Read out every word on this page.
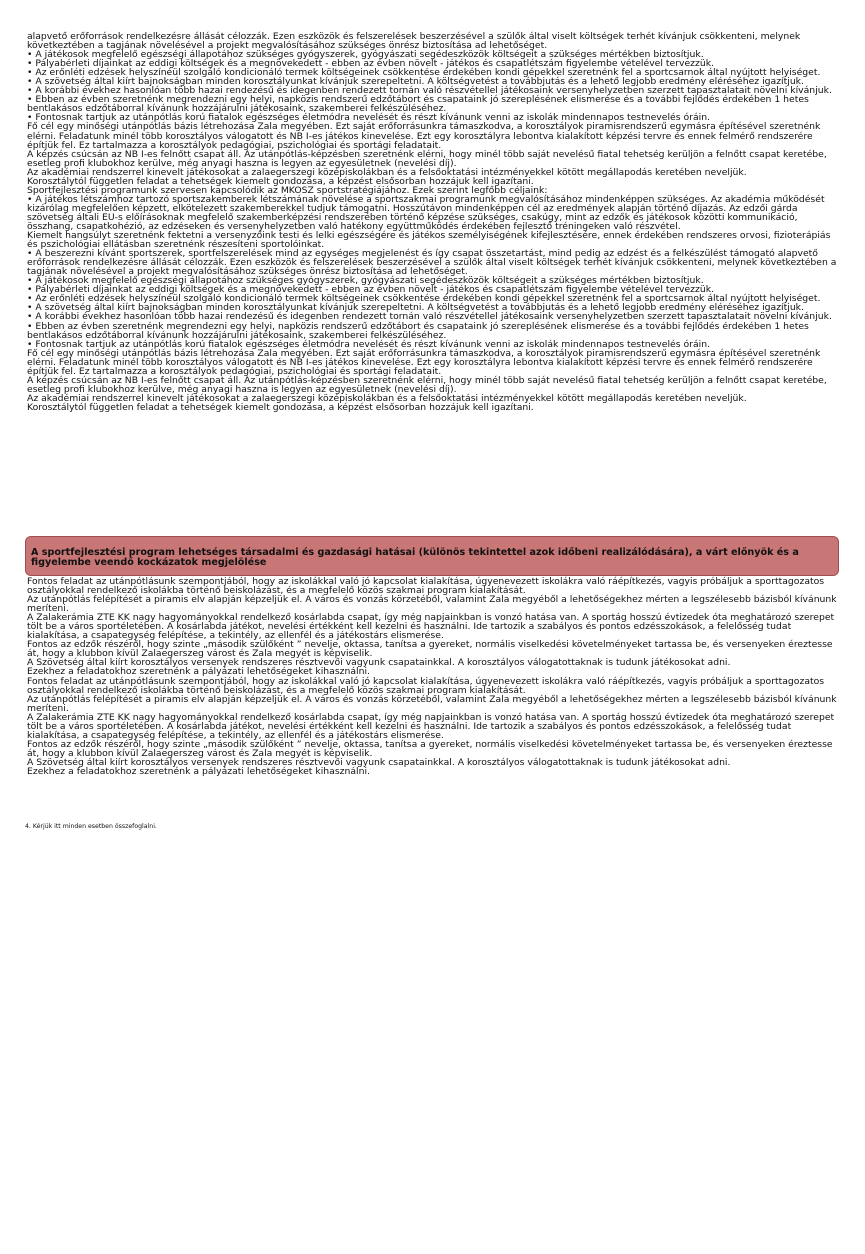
alapvető erőforrások rendelkezésre állását célozzák. Ezen eszközök és felszerelések beszerzésével a szülők által viselt költségek terhét kívánjuk csökkenteni, melynek következtében a tagjának növelésével a projekt megvalósításához szükséges önrész biztosítása ad lehetőséget.

• A játékosok megfelelő egészségi állapotához szükséges gyógyszerek, gyógyászati segédeszközök költségeit a szükséges mértékben biztosítjuk.

• Pályabérleti díjainkat az eddigi költségek és a megnövekedett - ebben az évben növelt - játékos és csapatlétszám figyelembe vételével tervezzük.

• Az erőnléti edzések helyszínéül szolgáló kondicionáló termek költségeinek csökkentése érdekében kondi gépekkel szeretnénk fel a sportcsarnok által nyújtott helyiséget.

• A szövetség által kiírt bajnokságban minden korosztályunkat kívánjuk szerepeltetni. A költségvetést a továbbjutás és a lehető legjobb eredmény eléréséhez igazítjuk.

• A korábbi évekhez hasonlóan több hazai rendezésű és idegenben rendezett tornán való részvétellel játékosaink versenyhelyzetben szerzett tapasztalatait növelni kívánjuk.

• Ebben az évben szeretnénk megrendezni egy helyi, napközis rendszerű edzőtábort és csapataink jó szereplésének elismerése és a további fejlődés érdekében 1 hetes bentlakásos edzőtáborral kívánunk hozzájárulni játékosaink, szakemberei felkészüléséhez.

• Fontosnak tartjuk az utánpótlás korú fiatalok egészséges életmódra nevelését és részt kívánunk venni az iskolák mindennapos testnevelés óráin.

Fő cél egy minőségi utánpótlás bázis létrehozása Zala megyében. Ezt saját erőforrásunkra támaszkodva, a korosztályok piramisrendszerű egymásra építésével szeretnénk elérni. Feladatunk minél több korosztályos válogatott és NB I-es játékos kinevelése. Ezt egy korosztályra lebontva kialakított képzési tervre és ennek felmérő rendszerére építjük fel. Ez tartalmazza a korosztályok pedagógiai, pszichológiai és sportági feladatait.

A képzés csúcsán az NB I-es felnőtt csapat áll. Az utánpótlás-képzésben szeretnénk elérni, hogy minél több saját nevelésű fiatal tehetség kerüljön a felnőtt csapat keretébe, esetleg profi klubokhoz kerülve, még anyagi haszna is legyen az egyesületnek (nevelési díj).

Az akadémiai rendszerrel kinevelt játékosokat a zalaegerszegi középiskolákban és a felsőoktatási intézményekkel kötött megállapodás keretében neveljük.

Korosztálytól független feladat a tehetségek kiemelt gondozása, a képzést elsősorban hozzájuk kell igazítani.

Sportfejlesztési programunk szervesen kapcsolódik az MKOSZ sportstratégiájához. Ezek szerint legfőbb céljaink:

• A játékos létszámhoz tartozó sportszakemberek létszámának növelése a sportszakmai programunk megvalósításához mindenképpen szükséges. Az akadémia működését kizárólag megfelelően képzett, elkötelezett szakemberekkel tudjuk támogatni. Hosszútávon mindenképpen cél az eredmények alapján történő díjazás. Az edzői gárda szövetség általi EU-s előírásoknak megfelelő szakemberképzési rendszerében történő képzése szükséges, csakúgy, mint az edzők és játékosok közötti kommunikáció, összhang, csapatkohézió, az edzéseken és versenyhelyzetben való hatékony együttműködés érdekében fejlesztő tréningeken való részvétel.

Kiemelt hangsúlyt szeretnénk fektetni a versenyzőink testi és lelki egészségére és játékos személyiségének kifejlesztésére, ennek érdekében rendszeres orvosi, fizioterápiás és pszichológiai ellátásban szeretnénk részesíteni sportolóinkat.

• A beszerezni kívánt sportszerek, sportfelszerelések mind az egységes megjelenést és így csapat összetartást, mind pedig az edzést és a felkészülést támogató alapvető erőforrások rendelkezésre állását célozzák. Ezen eszközök és felszerelések beszerzésével a szülők által viselt költségek terhét kívánjuk csökkenteni, melynek következtében a tagjának növelésével a projekt megvalósításához szükséges önrész biztosítása ad lehetőséget.

• A játékosok megfelelő egészségi állapotához szükséges gyógyszerek, gyógyászati segédeszközök költségeit a szükséges mértékben biztosítjuk.

• Pályabérleti díjainkat az eddigi költségek és a megnövekedett - ebben az évben növelt - játékos és csapatlétszám figyelembe vételével tervezzük.

• Az erőnléti edzések helyszínéül szolgáló kondicionáló termek költségeinek csökkentése érdekében kondi gépekkel szeretnénk fel a sportcsarnok által nyújtott helyiséget.

• A szövetség által kiírt bajnokságban minden korosztályunkat kívánjuk szerepeltetni. A költségvetést a továbbjutás és a lehető legjobb eredmény eléréséhez igazítjuk.

• A korábbi évekhez hasonlóan több hazai rendezésű és idegenben rendezett tornán való részvétellel játékosaink versenyhelyzetben szerzett tapasztalatait növelni kívánjuk.

• Ebben az évben szeretnénk megrendezni egy helyi, napközis rendszerű edzőtábort és csapataink jó szereplésének elismerése és a további fejlődés érdekében 1 hetes bentlakásos edzőtáborral kívánunk hozzájárulni játékosaink, szakemberei felkészüléséhez.

• Fontosnak tartjuk az utánpótlás korú fiatalok egészséges életmódra nevelését és részt kívánunk venni az iskolák mindennapos testnevelés óráin.

Fő cél egy minőségi utánpótlás bázis létrehozása Zala megyében. Ezt saját erőforrásunkra támaszkodva, a korosztályok piramisrendszerű egymásra építésével szeretnénk elérni. Feladatunk minél több korosztályos válogatott és NB I-es játékos kinevelése. Ezt egy korosztályra lebontva kialakított képzési tervre és ennek felmérő rendszerére építjük fel. Ez tartalmazza a korosztályok pedagógiai, pszichológiai és sportági feladatait.

A képzés csúcsán az NB I-es felnőtt csapat áll. Az utánpótlás-képzésben szeretnénk elérni, hogy minél több saját nevelésű fiatal tehetség kerüljön a felnőtt csapat keretébe, esetleg profi klubokhoz kerülve, még anyagi haszna is legyen az egyesületnek (nevelési díj).

Az akadémiai rendszerrel kinevelt játékosokat a zalaegerszegi középiskolákban és a felsőoktatási intézményekkel kötött megállapodás keretében neveljük.

Korosztálytól független feladat a tehetségek kiemelt gondozása, a képzést elsősorban hozzájuk kell igazítani.

A sportfejlesztési program lehetséges társadalmi és gazdasági hatásai (különös tekintettel azok időbeni realizálódására), a várt előnyök és a figyelembe veendő kockázatok megjelölése

Fontos feladat az utánpótlásunk szempontjából, hogy az iskolákkal való jó kapcsolat kialakítása, úgyenevezett iskolákra való ráépítkezés, vagyis próbáljuk a sporttagozatos osztályokkal rendelkező iskolákba történő beiskolázást, és a megfelelő közös szakmai program kialakítását.

Az utánpótlás felépítését a piramis elv alapján képzeljük el. A város és vonzás körzetéből, valamint Zala megyéből a lehetőségekhez mérten a legszélesebb bázisból kívánunk meríteni.

A Zalakerámia ZTE KK nagy hagyományokkal rendelkező kosárlabda csapat, így még napjainkban is vonzó hatása van. A sportág hosszú évtizedek óta meghatározó szerepet tölt be a város sportéletében. A kosárlabda játékot, nevelési értékként kell kezelni és használni. Ide tartozik a szabályos és pontos edzésszokások, a felelősség tudat kialakítása, a csapategység felépítése, a tekintély, az ellenfél és a játékostárs elismerése.

Fontos az edzők részéről, hogy szinte „második szülőként ” nevelje, oktassa, tanítsa a gyereket, normális viselkedési követelményeket tartassa be, és versenyeken éreztesse át, hogy a klubbon kívül Zalaegerszeg várost és Zala megyét is képviselik.

A Szövetség által kiírt korosztályos versenyek rendszeres résztvevői vagyunk csapatainkkal. A korosztályos válogatottaknak is tudunk játékosokat adni.

Ezekhez a feladatokhoz szeretnénk a pályázati lehetőségeket kihasználni.

Fontos feladat az utánpótlásunk szempontjából, hogy az iskolákkal való jó kapcsolat kialakítása, úgyenevezett iskolákra való ráépítkezés, vagyis próbáljuk a sporttagozatos osztályokkal rendelkező iskolákba történő beiskolázást, és a megfelelő közös szakmai program kialakítását.

Az utánpótlás felépítését a piramis elv alapján képzeljük el. A város és vonzás körzetéből, valamint Zala megyéből a lehetőségekhez mérten a legszélesebb bázisból kívánunk meríteni.

A Zalakerámia ZTE KK nagy hagyományokkal rendelkező kosárlabda csapat, így még napjainkban is vonzó hatása van. A sportág hosszú évtizedek óta meghatározó szerepet tölt be a város sportéletében. A kosárlabda játékot, nevelési értékként kell kezelni és használni. Ide tartozik a szabályos és pontos edzésszokások, a felelősség tudat kialakítása, a csapategység felépítése, a tekintély, az ellenfél és a játékostárs elismerése.

Fontos az edzők részéről, hogy szinte „második szülőként ” nevelje, oktassa, tanítsa a gyereket, normális viselkedési követelményeket tartassa be, és versenyeken éreztesse át, hogy a klubbon kívül Zalaegerszeg várost és Zala megyét is képviselik.

A Szövetség által kiírt korosztályos versenyek rendszeres résztvevői vagyunk csapatainkkal. A korosztályos válogatottaknak is tudunk játékosokat adni.

Ezekhez a feladatokhoz szeretnénk a pályázati lehetőségeket kihasználni.

4. Kérjük itt minden esetben összefoglalni.
